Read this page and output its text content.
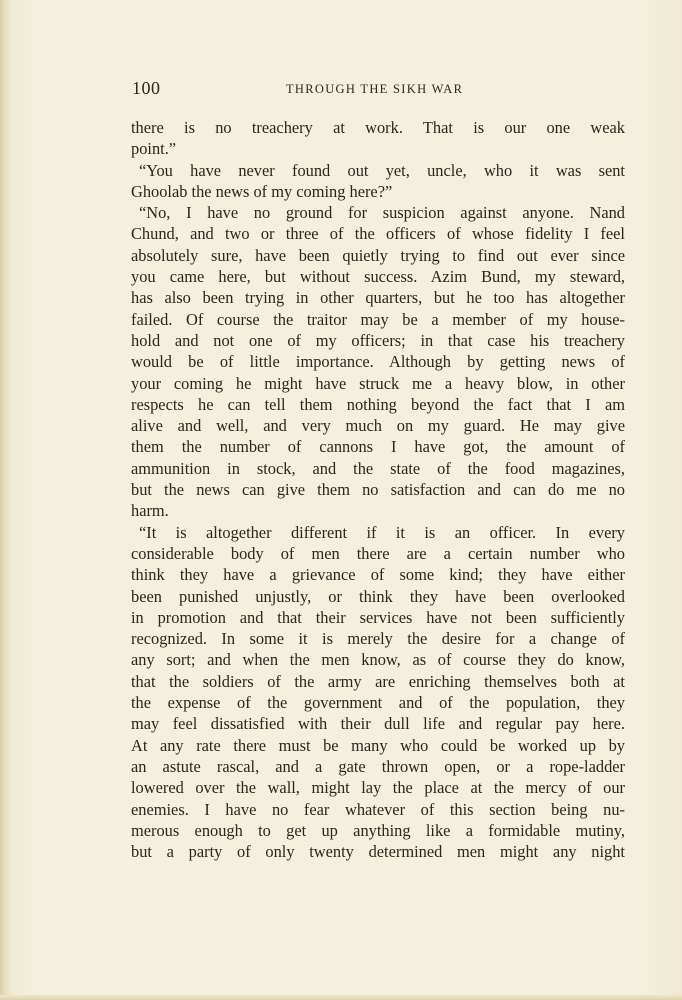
100	THROUGH THE SIKH WAR
there is no treachery at work. That is our one weak
point.”
“You have never found out yet, uncle, who it was sent
Ghoolab the news of my coming here?”
“No, I have no ground for suspicion against anyone. Nand
Chund, and two or three of the officers of whose fidelity I feel
absolutely sure, have been quietly trying to find out ever since
you came here, but without success. Azim Bund, my steward,
has also been trying in other quarters, but he too has altogether
failed. Of course the traitor may be a member of my house-
hold and not one of my officers; in that case his treachery
would be of little importance. Although by getting news of
your coming he might have struck me a heavy blow, in other
respects he can tell them nothing beyond the fact that I am
alive and well, and very much on my guard. He may give
them the number of cannons I have got, the amount of
ammunition in stock, and the state of the food magazines,
but the news can give them no satisfaction and can do me no
harm.
“It is altogether different if it is an officer. In every
considerable body of men there are a certain number who
think they have a grievance of some kind; they have either
been punished unjustly, or think they have been overlooked
in promotion and that their services have not been sufficiently
recognized. In some it is merely the desire for a change of
any sort; and when the men know, as of course they do know,
that the soldiers of the army are enriching themselves both at
the expense of the government and of the population, they
may feel dissatisfied with their dull life and regular pay here.
At any rate there must be many who could be worked up by
an astute rascal, and a gate thrown open, or a rope-ladder
lowered over the wall, might lay the place at the mercy of our
enemies. I have no fear whatever of this section being nu-
merous enough to get up anything like a formidable mutiny,
but a party of only twenty determined men might any night
